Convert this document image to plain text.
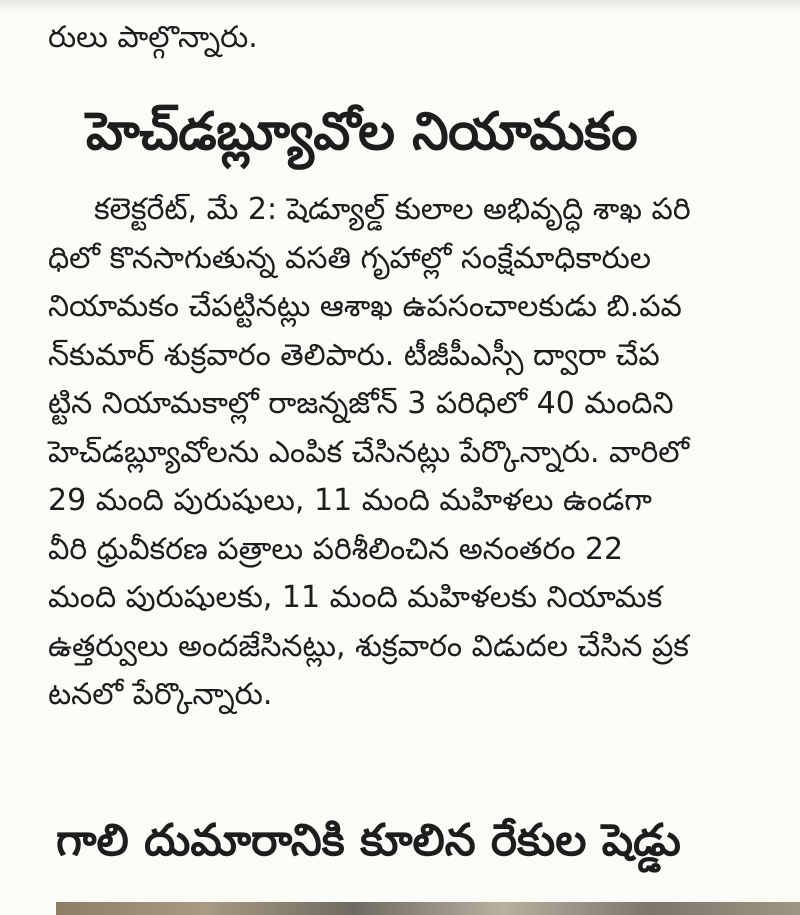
రులు పాల్గొన్నారు.
హెచ్‌డబ్ల్యూవోల నియామకం
కలెక్టరేట్, మే 2: షెడ్యూల్డ్ కులాల అభివృద్ధి శాఖ పరి
ధిలో కొనసాగుతున్న వసతి గృహాల్లో సంక్షేమాధికారుల
నియామకం చేపట్టినట్లు ఆశాఖ ఉపసంచాలకుడు బి.పవ
న్‌కుమార్ శుక్రవారం తెలిపారు. టీజీపీఎస్సీ ద్వారా చేప
ట్టిన నియామకాల్లో రాజన్నజోన్ 3 పరిధిలో 40 మందిని
హెచ్‌డబ్ల్యూవోలను ఎంపిక చేసినట్లు పేర్కొన్నారు. వారిలో
29 మంది పురుషులు, 11 మంది మహిళలు ఉండగా
వీరి ధ్రువీకరణ పత్రాలు పరిశీలించిన అనంతరం 22
మంది పురుషులకు, 11 మంది మహిళలకు నియామక
ఉత్తర్వులు అందజేసినట్లు, శుక్రవారం విడుదల చేసిన ప్రక
టనలో పేర్కొన్నారు.
గాలి దుమారానికి కూలిన రేకుల షెడ్డు
